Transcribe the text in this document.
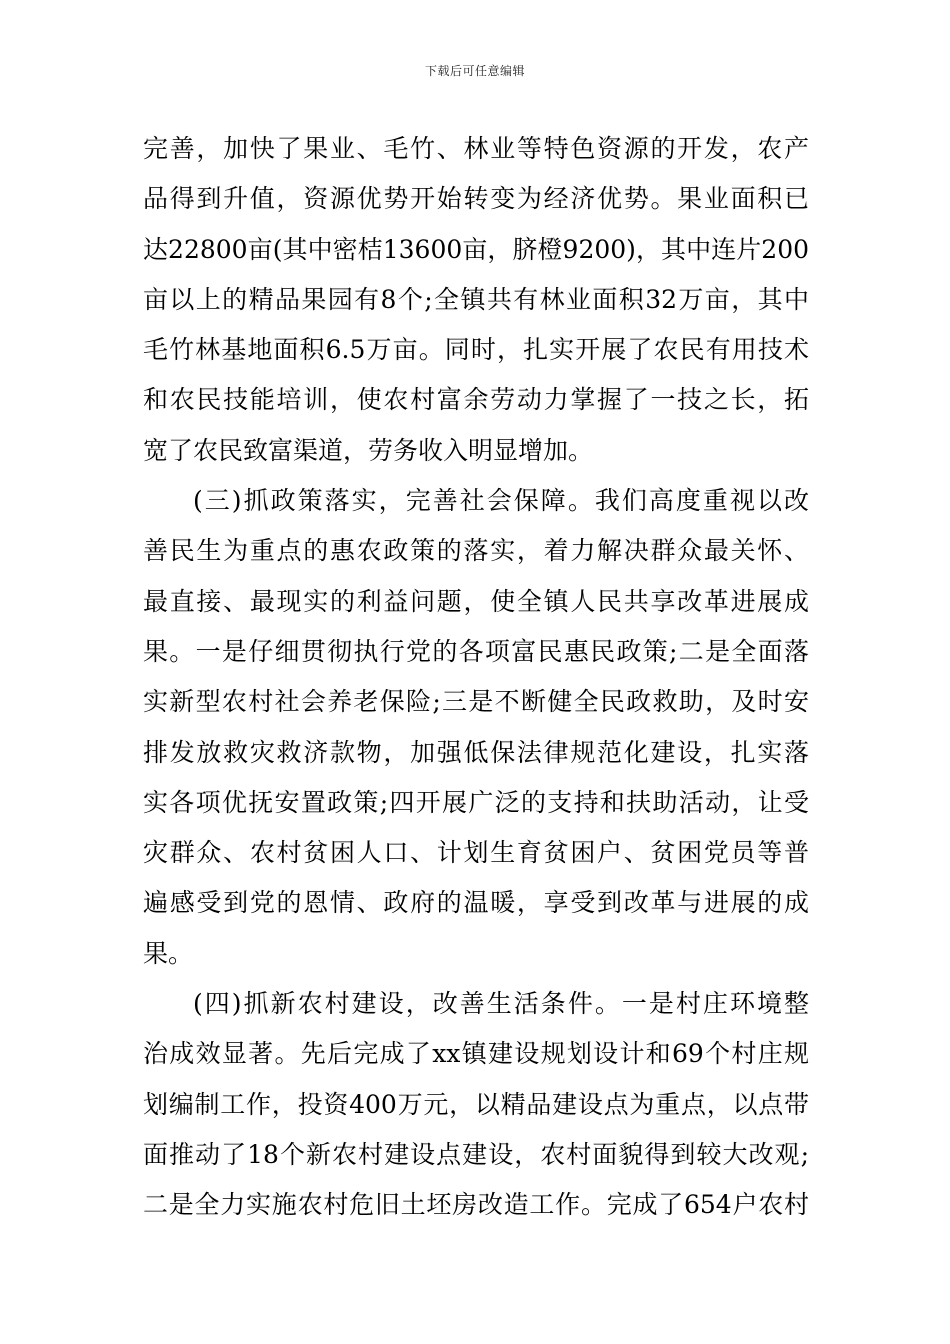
下载后可任意编辑
完善，加快了果业、毛竹、林业等特色资源的开发，农产
品得到升值，资源优势开始转变为经济优势。果业面积已
达22800亩(其中密桔13600亩，脐橙9200)，其中连片200
亩以上的精品果园有8个;全镇共有林业面积32万亩，其中
毛竹林基地面积6.5万亩。同时，扎实开展了农民有用技术
和农民技能培训，使农村富余劳动力掌握了一技之长，拓
宽了农民致富渠道，劳务收入明显增加。
(三)抓政策落实，完善社会保障。我们高度重视以改
善民生为重点的惠农政策的落实，着力解决群众最关怀、
最直接、最现实的利益问题，使全镇人民共享改革进展成
果。一是仔细贯彻执行党的各项富民惠民政策;二是全面落
实新型农村社会养老保险;三是不断健全民政救助，及时安
排发放救灾救济款物，加强低保法律规范化建设，扎实落
实各项优抚安置政策;四开展广泛的支持和扶助活动，让受
灾群众、农村贫困人口、计划生育贫困户、贫困党员等普
遍感受到党的恩情、政府的温暖，享受到改革与进展的成
果。
(四)抓新农村建设，改善生活条件。一是村庄环境整
治成效显著。先后完成了xx镇建设规划设计和69个村庄规
划编制工作，投资400万元，以精品建设点为重点，以点带
面推动了18个新农村建设点建设，农村面貌得到较大改观;
二是全力实施农村危旧土坯房改造工作。完成了654户农村
